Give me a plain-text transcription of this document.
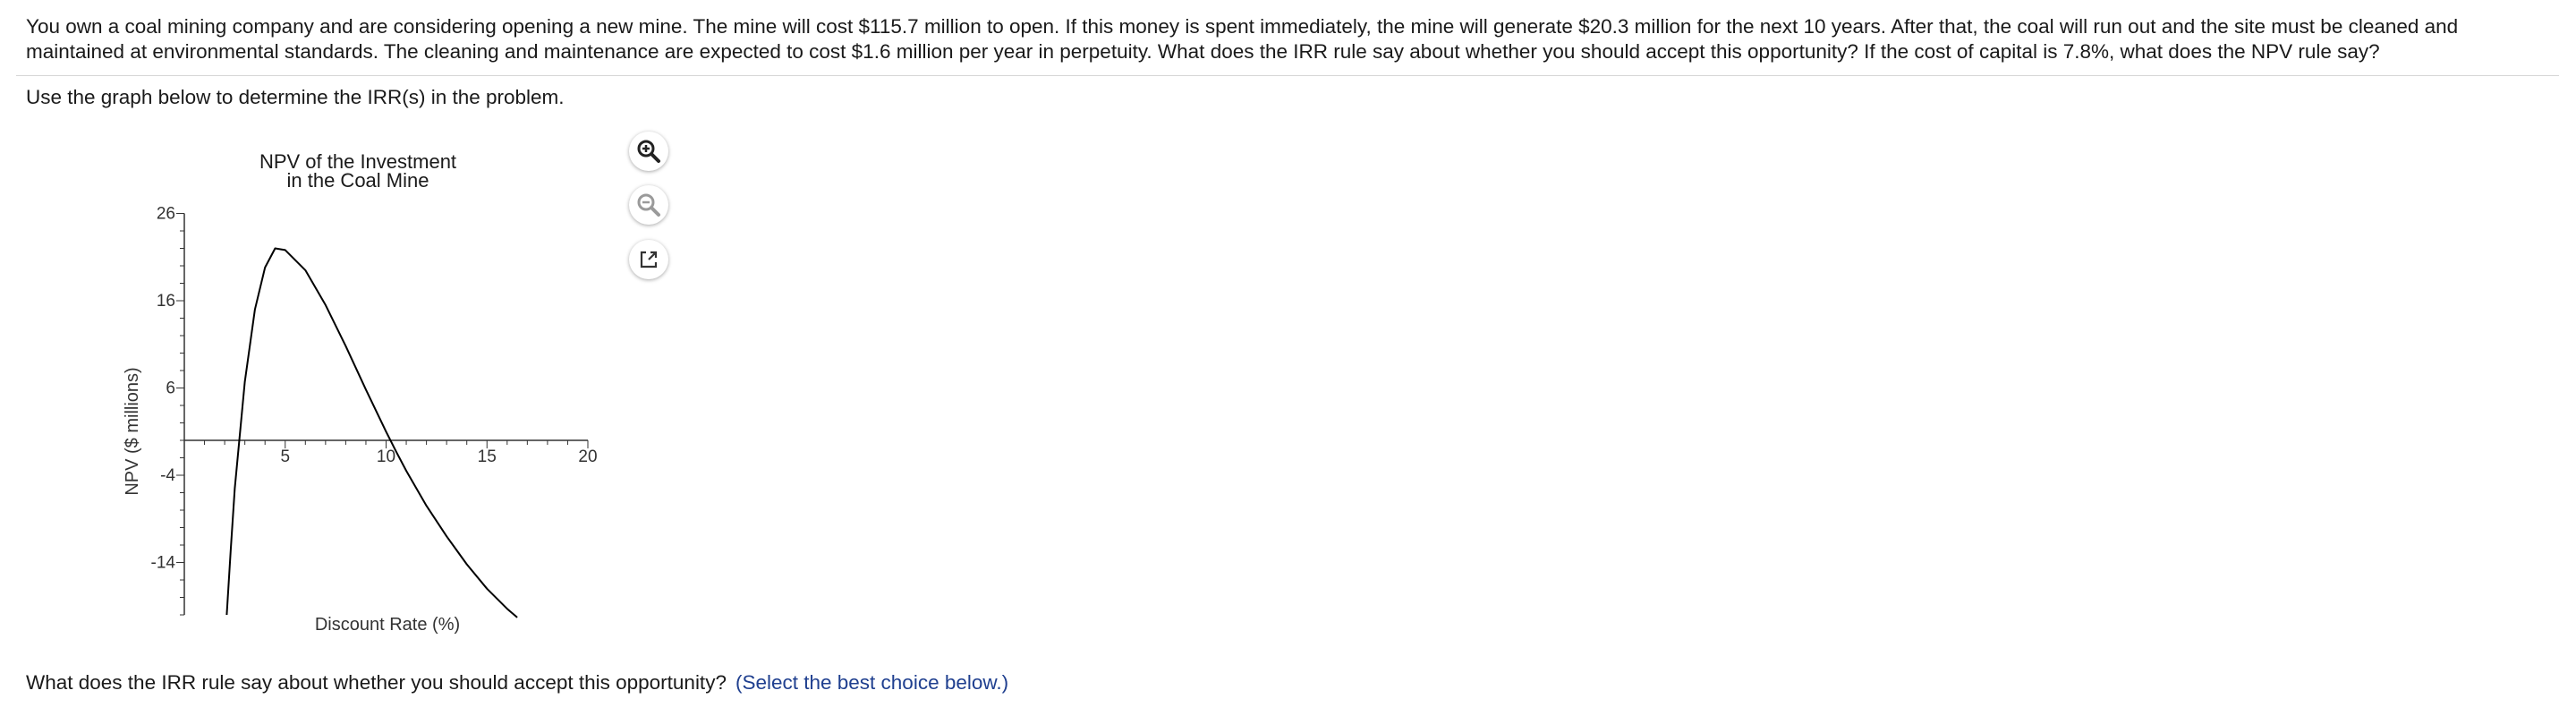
You own a coal mining company and are considering opening a new mine. The mine will cost $115.7 million to open. If this money is spent immediately, the mine will generate $20.3 million for the next 10 years. After that, the coal will run out and the site must be cleaned and maintained at environmental standards. The cleaning and maintenance are expected to cost $1.6 million per year in perpetuity. What does the IRR rule say about whether you should accept this opportunity? If the cost of capital is 7.8%, what does the NPV rule say?
Use the graph below to determine the IRR(s) in the problem.
NPV of the Investment
in the Coal Mine
5	10	15	20
26
16
6
-4
-14
Discount Rate (%)
NPV ($ millions)
What does the IRR rule say about whether you should accept this opportunity? (Select the best choice below.)
